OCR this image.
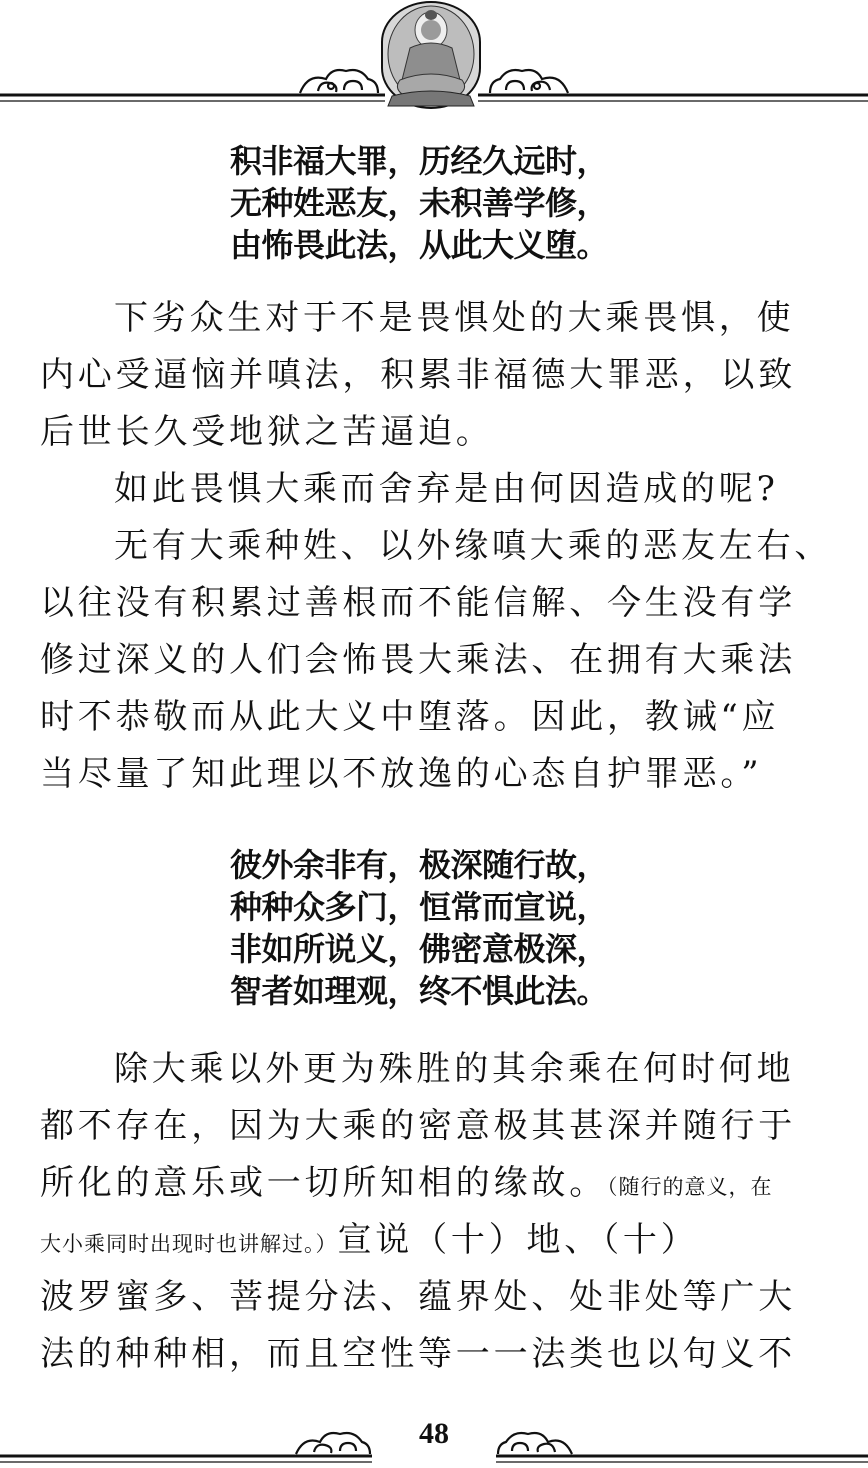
积非福大罪，历经久远时，
无种姓恶友，未积善学修，
由怖畏此法，从此大义堕。
下劣众生对于不是畏惧处的大乘畏惧，使
内心受逼恼并嗔法，积累非福德大罪恶，以致
后世长久受地狱之苦逼迫。
如此畏惧大乘而舍弃是由何因造成的呢?
无有大乘种姓、以外缘嗔大乘的恶友左右、
以往没有积累过善根而不能信解、今生没有学
修过深义的人们会怖畏大乘法、在拥有大乘法
时不恭敬而从此大义中堕落。因此，教诫“应
当尽量了知此理以不放逸的心态自护罪恶。”
彼外余非有，极深随行故，
种种众多门，恒常而宣说，
非如所说义，佛密意极深，
智者如理观，终不惧此法。
除大乘以外更为殊胜的其余乘在何时何地
都不存在，因为大乘的密意极其甚深并随行于
所化的意乐或一切所知相的缘故。（随行的意义，在
大小乘同时出现时也讲解过。）宣说（十）地、（十）
波罗蜜多、菩提分法、蕴界处、处非处等广大
法的种种相，而且空性等一一法类也以句义不
48
